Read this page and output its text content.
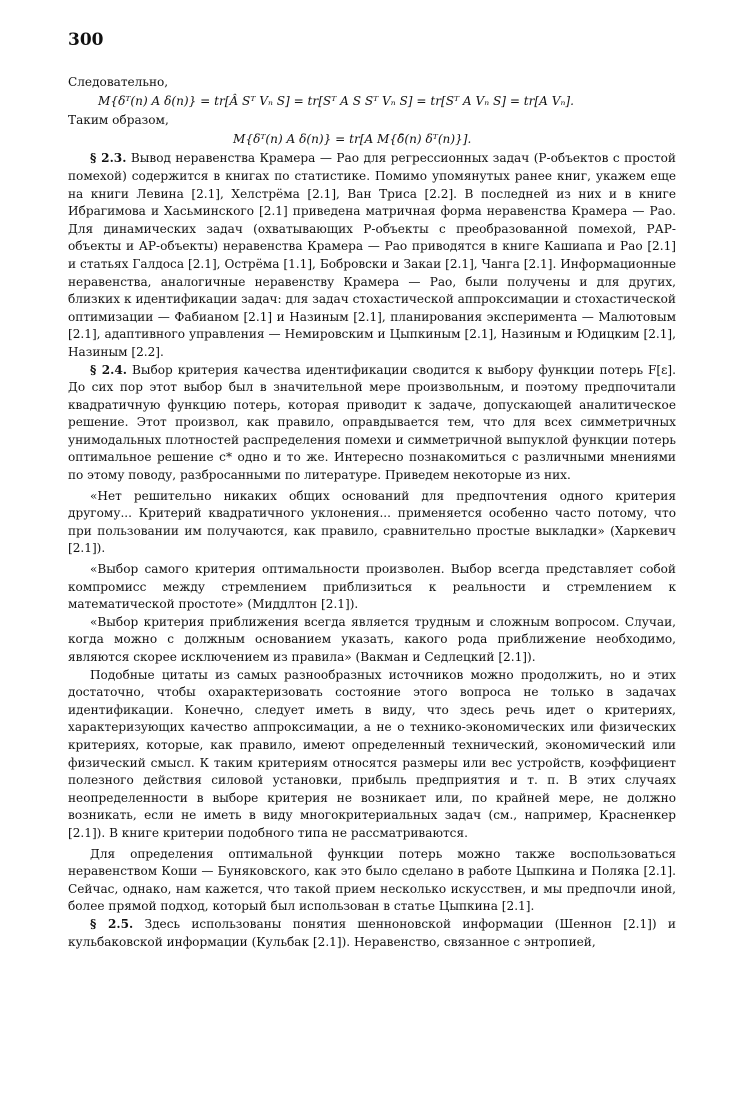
300

Следовательно,

M{δᵀ(n) A δ(n)} = tr[Â Sᵀ Vₙ S] = tr[Sᵀ A S Sᵀ Vₙ S] = tr[Sᵀ A Vₙ S] = tr[A Vₙ].

Таким образом,

M{δᵀ(n) A δ(n)} = tr[A M{δ̄(n) δᵀ(n)}].

§ 2.3. Вывод неравенства Крамера — Рао для регрессионных задач (Р-объектов с простой помехой) содержится в книгах по статистике. Помимо упомянутых ранее книг, укажем еще на книги Левина [2.1], Хелстрёма [2.1], Ван Триса [2.2]. В последней из них и в книге Ибрагимова и Хасьминского [2.1] приведена матричная форма неравенства Крамера — Рао. Для динамических задач (охватывающих Р-объекты с преобразованной помехой, РАР-объекты и АР-объекты) неравенства Крамера — Рао приводятся в книге Кашиапа и Рао [2.1] и статьях Галдоса [2.1], Острёма [1.1], Бобровски и Закаи [2.1], Чанга [2.1]. Информационные неравенства, аналогичные неравенству Крамера — Рао, были получены и для других, близких к идентификации задач: для задач стохастической аппроксимации и стохастической оптимизации — Фабианом [2.1] и Назиным [2.1], планирования эксперимента — Малютовым [2.1], адаптивного управления — Немировским и Цыпкиным [2.1], Назиным и Юдицким [2.1], Назиным [2.2].

§ 2.4. Выбор критерия качества идентификации сводится к выбору функции потерь F[ε]. До сих пор этот выбор был в значительной мере произвольным, и поэтому предпочитали квадратичную функцию потерь, которая приводит к задаче, допускающей аналитическое решение. Этот произвол, как правило, оправдывается тем, что для всех симметричных унимодальных плотностей распределения помехи и симметричной выпуклой функции потерь оптимальное решение c* одно и то же. Интересно познакомиться с различными мнениями по этому поводу, разбросанными по литературе. Приведем некоторые из них.

«Нет решительно никаких общих оснований для предпочтения одного критерия другому... Критерий квадратичного уклонения... применяется особенно часто потому, что при пользовании им получаются, как правило, сравнительно простые выкладки» (Харкевич [2.1]).

«Выбор самого критерия оптимальности произволен. Выбор всегда представляет собой компромисс между стремлением приблизиться к реальности и стремлением к математической простоте» (Миддлтон [2.1]).

«Выбор критерия приближения всегда является трудным и сложным вопросом. Случаи, когда можно с должным основанием указать, какого рода приближение необходимо, являются скорее исключением из правила» (Вакман и Седлецкий [2.1]).

Подобные цитаты из самых разнообразных источников можно продолжить, но и этих достаточно, чтобы охарактеризовать состояние этого вопроса не только в задачах идентификации. Конечно, следует иметь в виду, что здесь речь идет о критериях, характеризующих качество аппроксимации, а не о технико-экономических или физических критериях, которые, как правило, имеют определенный технический, экономический или физический смысл. К таким критериям относятся размеры или вес устройств, коэффициент полезного действия силовой установки, прибыль предприятия и т. п. В этих случаях неопределенности в выборе критерия не возникает или, по крайней мере, не должно возникать, если не иметь в виду многокритериальных задач (см., например, Красненкер [2.1]). В книге критерии подобного типа не рассматриваются.

Для определения оптимальной функции потерь можно также воспользоваться неравенством Коши — Буняковского, как это было сделано в работе Цыпкина и Поляка [2.1]. Сейчас, однако, нам кажется, что такой прием несколько искусствен, и мы предпочли иной, более прямой подход, который был использован в статье Цыпкина [2.1].

§ 2.5. Здесь использованы понятия шенноновской информации (Шеннон [2.1]) и кульбаковской информации (Кульбак [2.1]). Неравенство, связанное с энтропией,
